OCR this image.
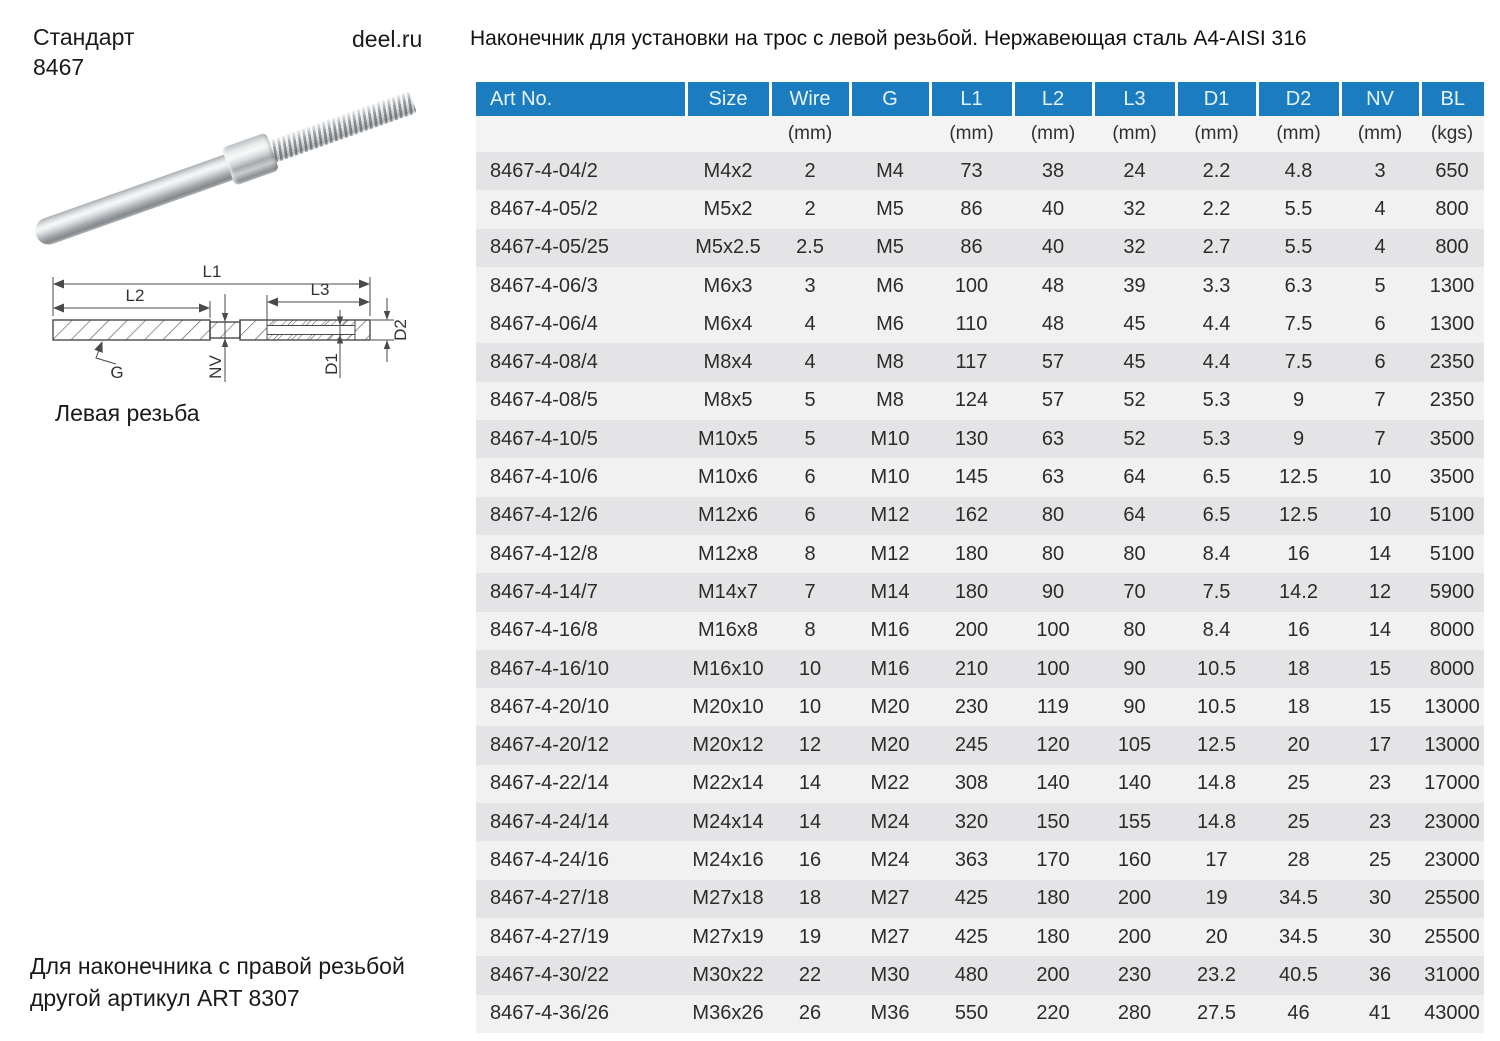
Стандарт
8467
deel.ru Наконечник для установки на трос с левой резьбой. Нержавеющая сталь A4-AISI 316
L1
L2	L3
G	NV	D1
D2
Левая резьба
Для наконечника с правой резьбой
другой артикул ART 8307
Art No.	Size	Wire	G	L1	L2	L3	D1	D2	NV	BL
		(mm)		(mm)	(mm)	(mm)	(mm)	(mm)	(mm)	(kgs)
8467-4-04/2	M4x2	2	M4	73	38	24	2.2	4.8	3	650
8467-4-05/2	M5x2	2	M5	86	40	32	2.2	5.5	4	800
8467-4-05/25	M5x2.5	2.5	M5	86	40	32	2.7	5.5	4	800
8467-4-06/3	M6x3	3	M6	100	48	39	3.3	6.3	5	1300
8467-4-06/4	M6x4	4	M6	110	48	45	4.4	7.5	6	1300
8467-4-08/4	M8x4	4	M8	117	57	45	4.4	7.5	6	2350
8467-4-08/5	M8x5	5	M8	124	57	52	5.3	9	7	2350
8467-4-10/5	M10x5	5	M10	130	63	52	5.3	9	7	3500
8467-4-10/6	M10x6	6	M10	145	63	64	6.5	12.5	10	3500
8467-4-12/6	M12x6	6	M12	162	80	64	6.5	12.5	10	5100
8467-4-12/8	M12x8	8	M12	180	80	80	8.4	16	14	5100
8467-4-14/7	M14x7	7	M14	180	90	70	7.5	14.2	12	5900
8467-4-16/8	M16x8	8	M16	200	100	80	8.4	16	14	8000
8467-4-16/10	M16x10	10	M16	210	100	90	10.5	18	15	8000
8467-4-20/10	M20x10	10	M20	230	119	90	10.5	18	15	13000
8467-4-20/12	M20x12	12	M20	245	120	105	12.5	20	17	13000
8467-4-22/14	M22x14	14	M22	308	140	140	14.8	25	23	17000
8467-4-24/14	M24x14	14	M24	320	150	155	14.8	25	23	23000
8467-4-24/16	M24x16	16	M24	363	170	160	17	28	25	23000
8467-4-27/18	M27x18	18	M27	425	180	200	19	34.5	30	25500
8467-4-27/19	M27x19	19	M27	425	180	200	20	34.5	30	25500
8467-4-30/22	M30x22	22	M30	480	200	230	23.2	40.5	36	31000
8467-4-36/26	M36x26	26	M36	550	220	280	27.5	46	41	43000
